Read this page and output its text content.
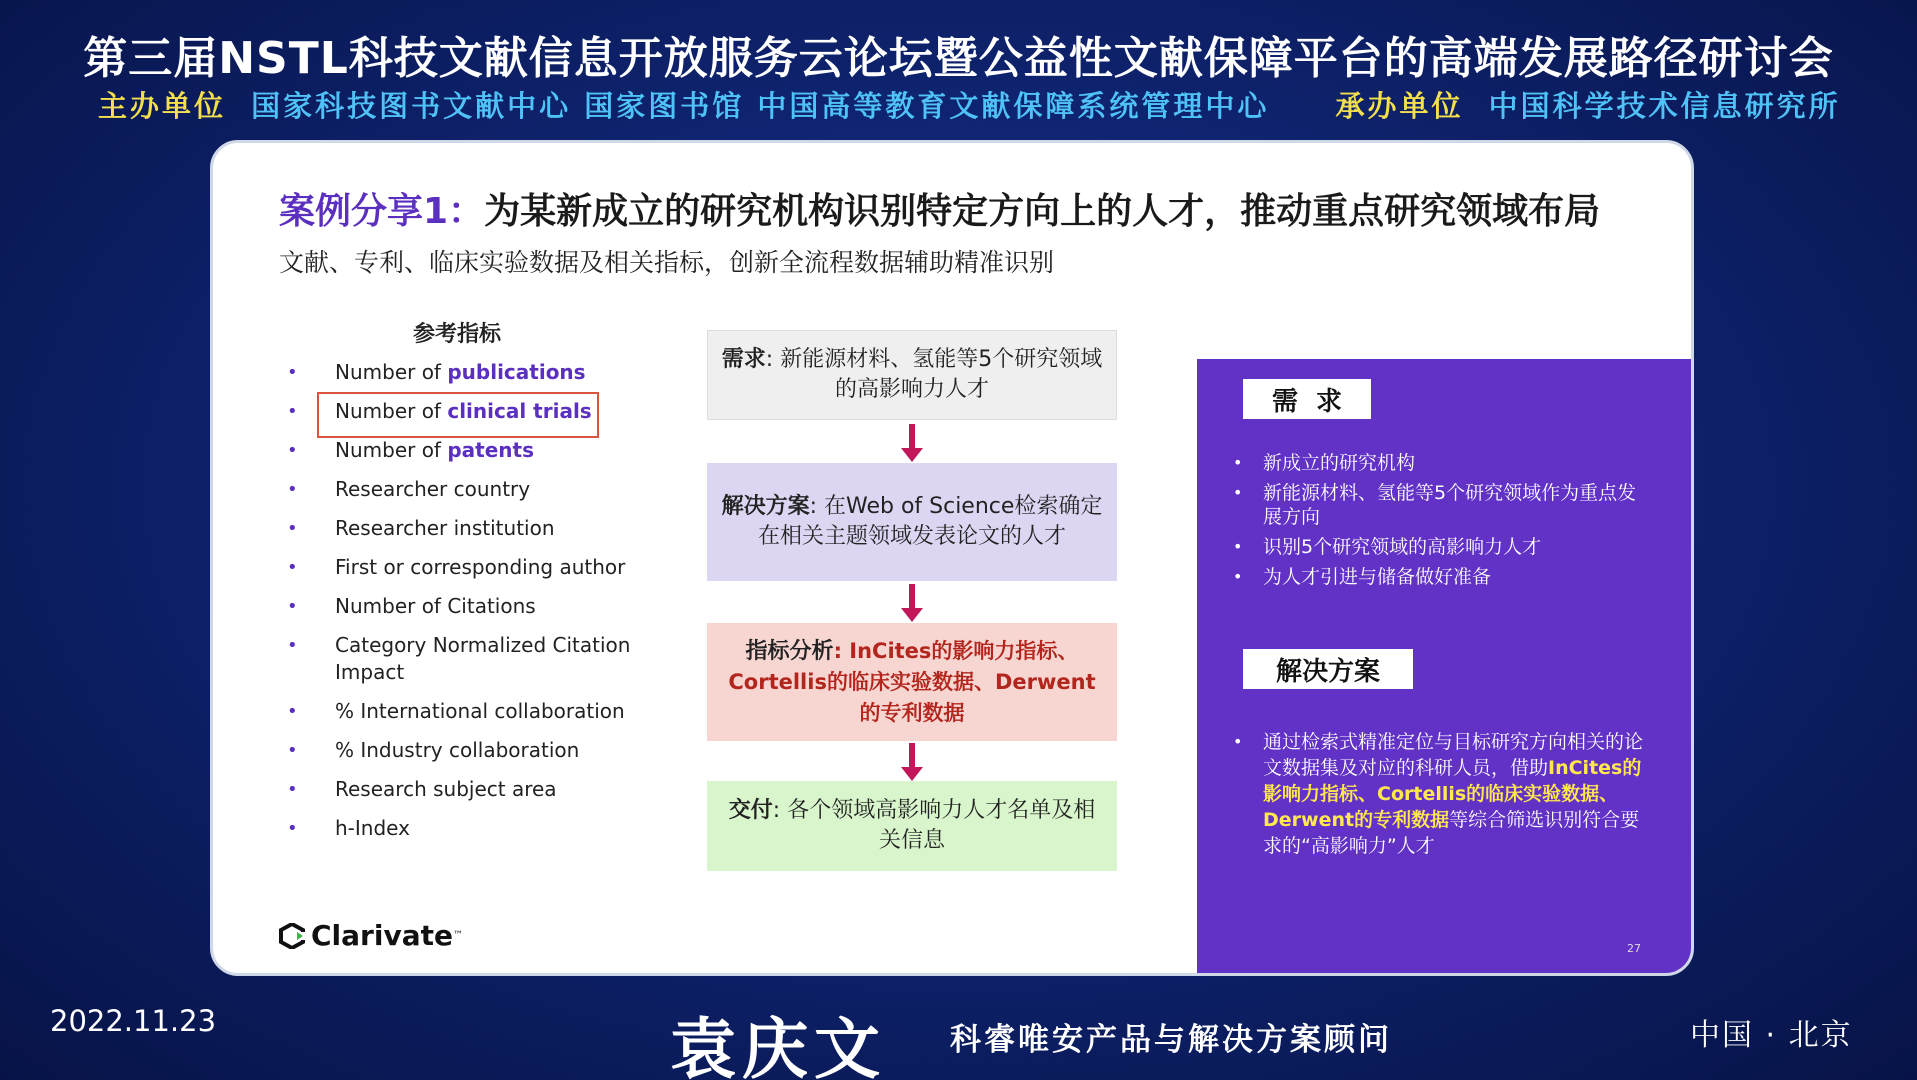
第三届NSTL科技文献信息开放服务云论坛暨公益性文献保障平台的高端发展路径研讨会
主办单位 国家科技图书文献中心 国家图书馆 中国高等教育文献保障系统管理中心 承办单位 中国科学技术信息研究所
案例分享1：为某新成立的研究机构识别特定方向上的人才，推动重点研究领域布局
文献、专利、临床实验数据及相关指标，创新全流程数据辅助精准识别
参考指标
• Number of publications
• Number of clinical trials
• Number of patents
• Researcher country
• Researcher institution
• First or corresponding author
• Number of Citations
• Category Normalized Citation Impact
• % International collaboration
• % Industry collaboration
• Research subject area
• h-Index
需求: 新能源材料、氢能等5个研究领域的高影响力人才
解决方案: 在Web of Science检索确定在相关主题领域发表论文的人才
指标分析: InCites的影响力指标、Cortellis的临床实验数据、Derwent的专利数据
交付: 各个领域高影响力人才名单及相关信息
需求
• 新成立的研究机构
• 新能源材料、氢能等5个研究领域作为重点发展方向
• 识别5个研究领域的高影响力人才
• 为人才引进与储备做好准备
解决方案
• 通过检索式精准定位与目标研究方向相关的论文数据集及对应的科研人员，借助InCites的影响力指标、Cortellis的临床实验数据、Derwent的专利数据等综合筛选识别符合要求的“高影响力”人才
27
Clarivate ™
2022.11.23	袁庆文 科睿唯安产品与解决方案顾问	中国 · 北京
